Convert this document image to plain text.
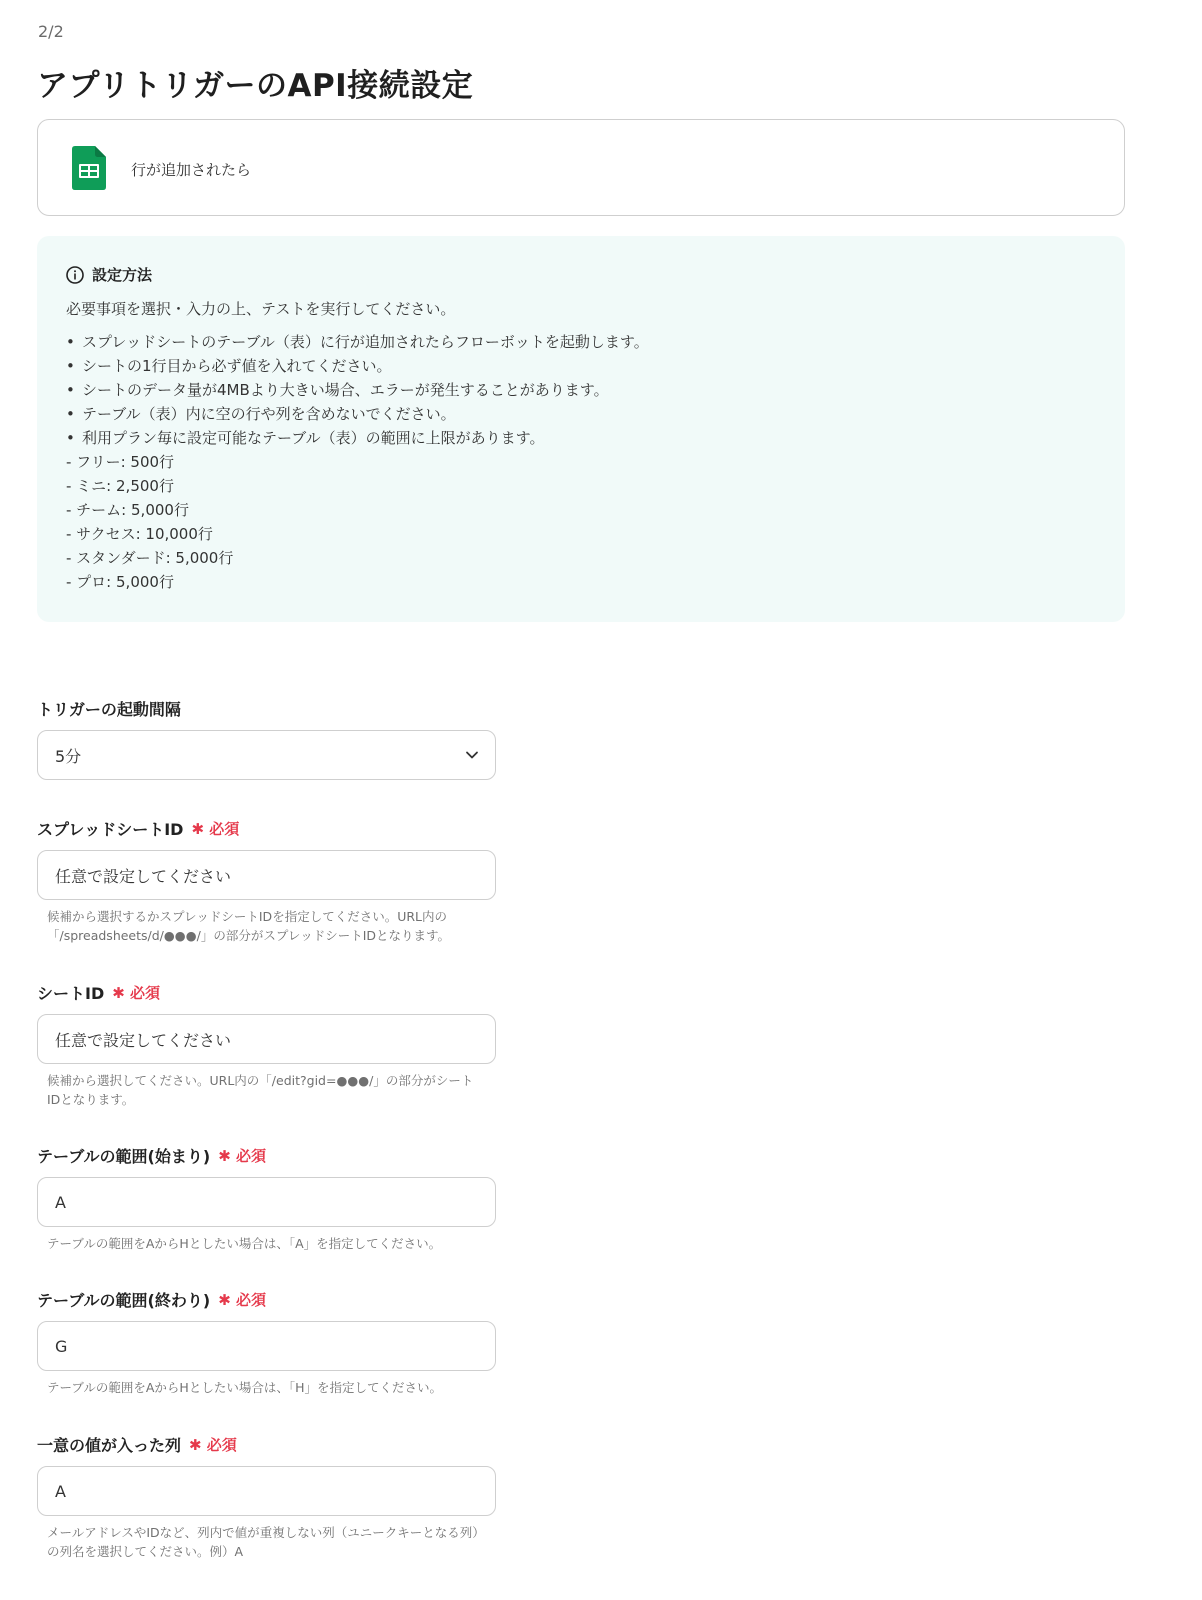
2/2
アプリトリガーのAPI接続設定
行が追加されたら
設定方法
必要事項を選択・入力の上、テストを実行してください。
• スプレッドシートのテーブル（表）に行が追加されたらフローボットを起動します。
• シートの1行目から必ず値を入れてください。
• シートのデータ量が4MBより大きい場合、エラーが発生することがあります。
• テーブル（表）内に空の行や列を含めないでください。
• 利用プラン毎に設定可能なテーブル（表）の範囲に上限があります。
- フリー: 500行
- ミニ: 2,500行
- チーム: 5,000行
- サクセス: 10,000行
- スタンダード: 5,000行
- プロ: 5,000行
トリガーの起動間隔
5分
スプレッドシートID ✱ 必須
任意で設定してください
候補から選択するかスプレッドシートIDを指定してください。URL内の
「/spreadsheets/d/●●●/」の部分がスプレッドシートIDとなります。
シートID ✱ 必須
任意で設定してください
候補から選択してください。URL内の「/edit?gid=●●●/」の部分がシート
IDとなります。
テーブルの範囲(始まり) ✱ 必須
A
テーブルの範囲をAからHとしたい場合は、「A」を指定してください。
テーブルの範囲(終わり) ✱ 必須
G
テーブルの範囲をAからHとしたい場合は、「H」を指定してください。
一意の値が入った列 ✱ 必須
A
メールアドレスやIDなど、列内で値が重複しない列（ユニークキーとなる列）
の列名を選択してください。例）A
